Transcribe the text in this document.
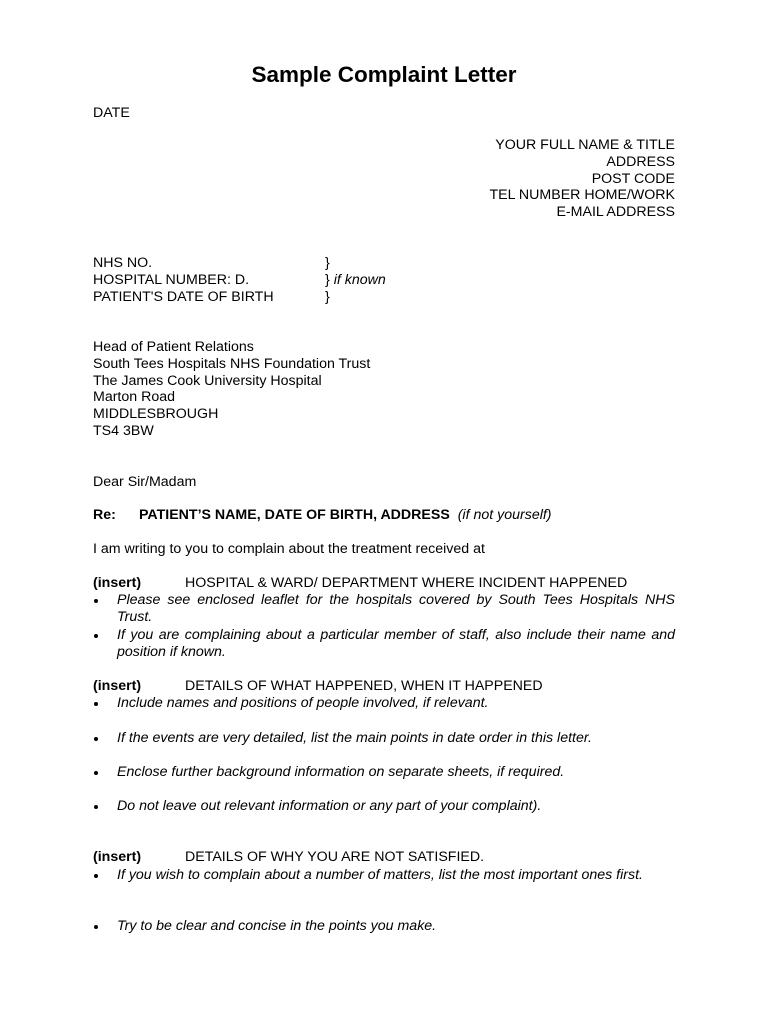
Sample Complaint Letter
DATE
YOUR FULL NAME & TITLE
ADDRESS
POST CODE
TEL NUMBER HOME/WORK
E-MAIL ADDRESS
NHS NO.	}
HOSPITAL NUMBER: D.	} if known
PATIENT'S DATE OF BIRTH	}
Head of Patient Relations
South Tees Hospitals NHS Foundation Trust
The James Cook University Hospital
Marton Road
MIDDLESBROUGH
TS4 3BW
Dear Sir/Madam
Re: PATIENT’S NAME, DATE OF BIRTH, ADDRESS (if not yourself)
I am writing to you to complain about the treatment received at
(insert)	HOSPITAL & WARD/ DEPARTMENT WHERE INCIDENT HAPPENED
Please see enclosed leaflet for the hospitals covered by South Tees Hospitals NHS Trust.
If you are complaining about a particular member of staff, also include their name and position if known.
(insert)	DETAILS OF WHAT HAPPENED, WHEN IT HAPPENED
Include names and positions of people involved, if relevant.
If the events are very detailed, list the main points in date order in this letter.
Enclose further background information on separate sheets, if required.
Do not leave out relevant information or any part of your complaint).
(insert)	DETAILS OF WHY YOU ARE NOT SATISFIED.
If you wish to complain about a number of matters, list the most important ones first.
Try to be clear and concise in the points you make.
